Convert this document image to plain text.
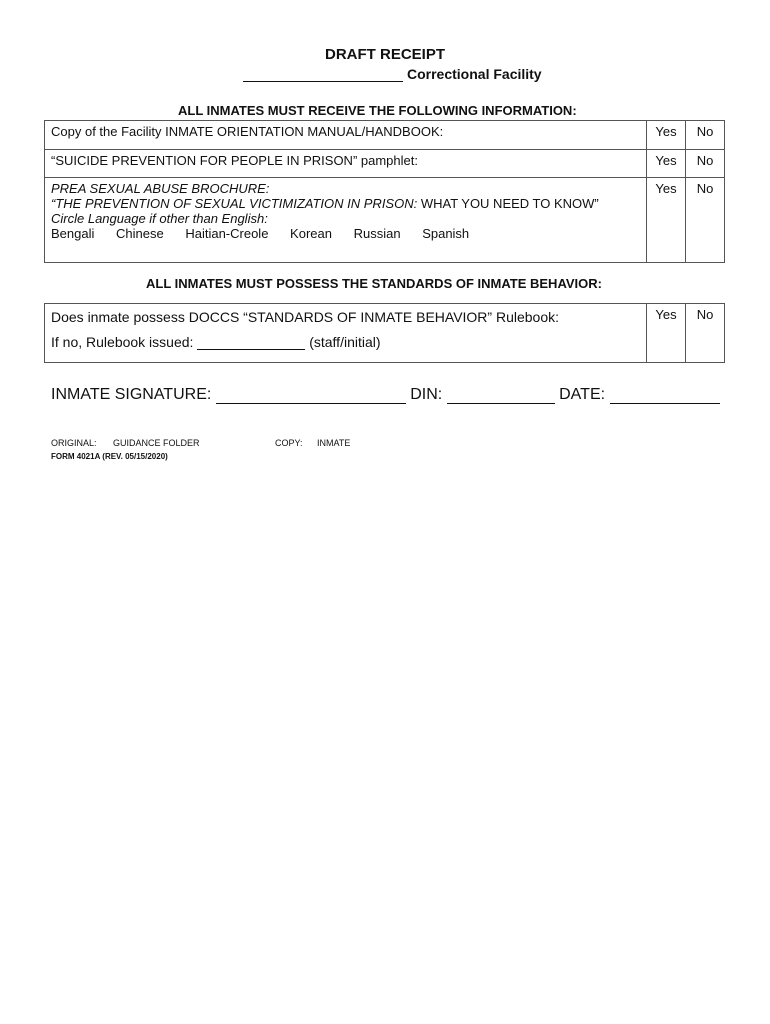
DRAFT RECEIPT
Correctional Facility
ALL INMATES MUST RECEIVE THE FOLLOWING INFORMATION:
Copy of the Facility INMATE ORIENTATION MANUAL/HANDBOOK:	Yes	No
“SUICIDE PREVENTION FOR PEOPLE IN PRISON” pamphlet:	Yes	No

PREA SEXUAL ABUSE BROCHURE:
“THE PREVENTION OF SEXUAL VICTIMIZATION IN PRISON: WHAT YOU NEED TO KNOW”
Circle Language if other than English:
Bengali Chinese Haitian-Creole Korean Russian Spanish	Yes	No
ALL INMATES MUST POSSESS THE STANDARDS OF INMATE BEHAVIOR:
Does inmate possess DOCCS “STANDARDS OF INMATE BEHAVIOR” Rulebook:
If no, Rulebook issued:	(staff/initial)
	Yes	No
INMATE SIGNATURE:	DIN:	DATE:
ORIGINAL: GUIDANCE FOLDER	COPY: INMATE
FORM 4021A (REV. 05/15/2020)
